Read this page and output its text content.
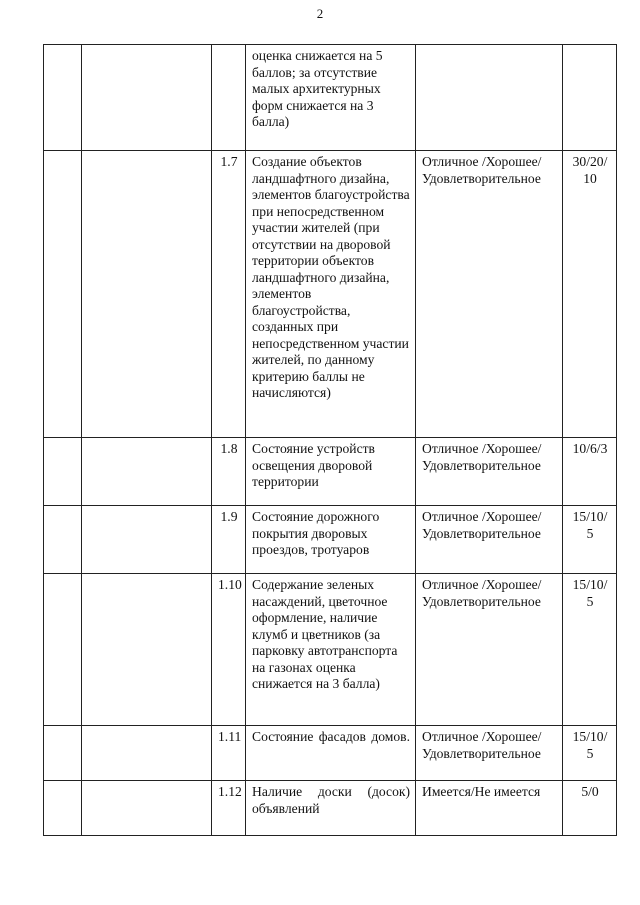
2
			оценка снижается на 5 баллов; за отсутствие малых архитектурных форм снижается на 3 балла)		
		1.7	Создание объектов ландшафтного дизайна, элементов благоустройства при непосредственном участии жителей (при отсутствии на дворовой территории объектов ландшафтного дизайна, элементов благоустройства, созданных при непосредственном участии жителей, по данному критерию баллы не начисляются)	Отличное /Хорошее/ Удовлетворительное	30/20/ 10
		1.8	Состояние устройств освещения дворовой территории	Отличное /Хорошее/ Удовлетворительное	10/6/3
		1.9	Состояние дорожного покрытия дворовых проездов, тротуаров	Отличное /Хорошее/ Удовлетворительное	15/10/ 5
		1.10	Содержание зеленых насаждений, цветочное оформление, наличие клумб и цветников (за парковку автотранспорта на газонах оценка снижается на 3 балла)	Отличное /Хорошее/ Удовлетворительное	15/10/ 5
		1.11	Состояние фасадов домов.	Отличное /Хорошее/ Удовлетворительное	15/10/ 5
		1.12	Наличие доски (досок) объявлений	Имеется/Не имеется	5/0
